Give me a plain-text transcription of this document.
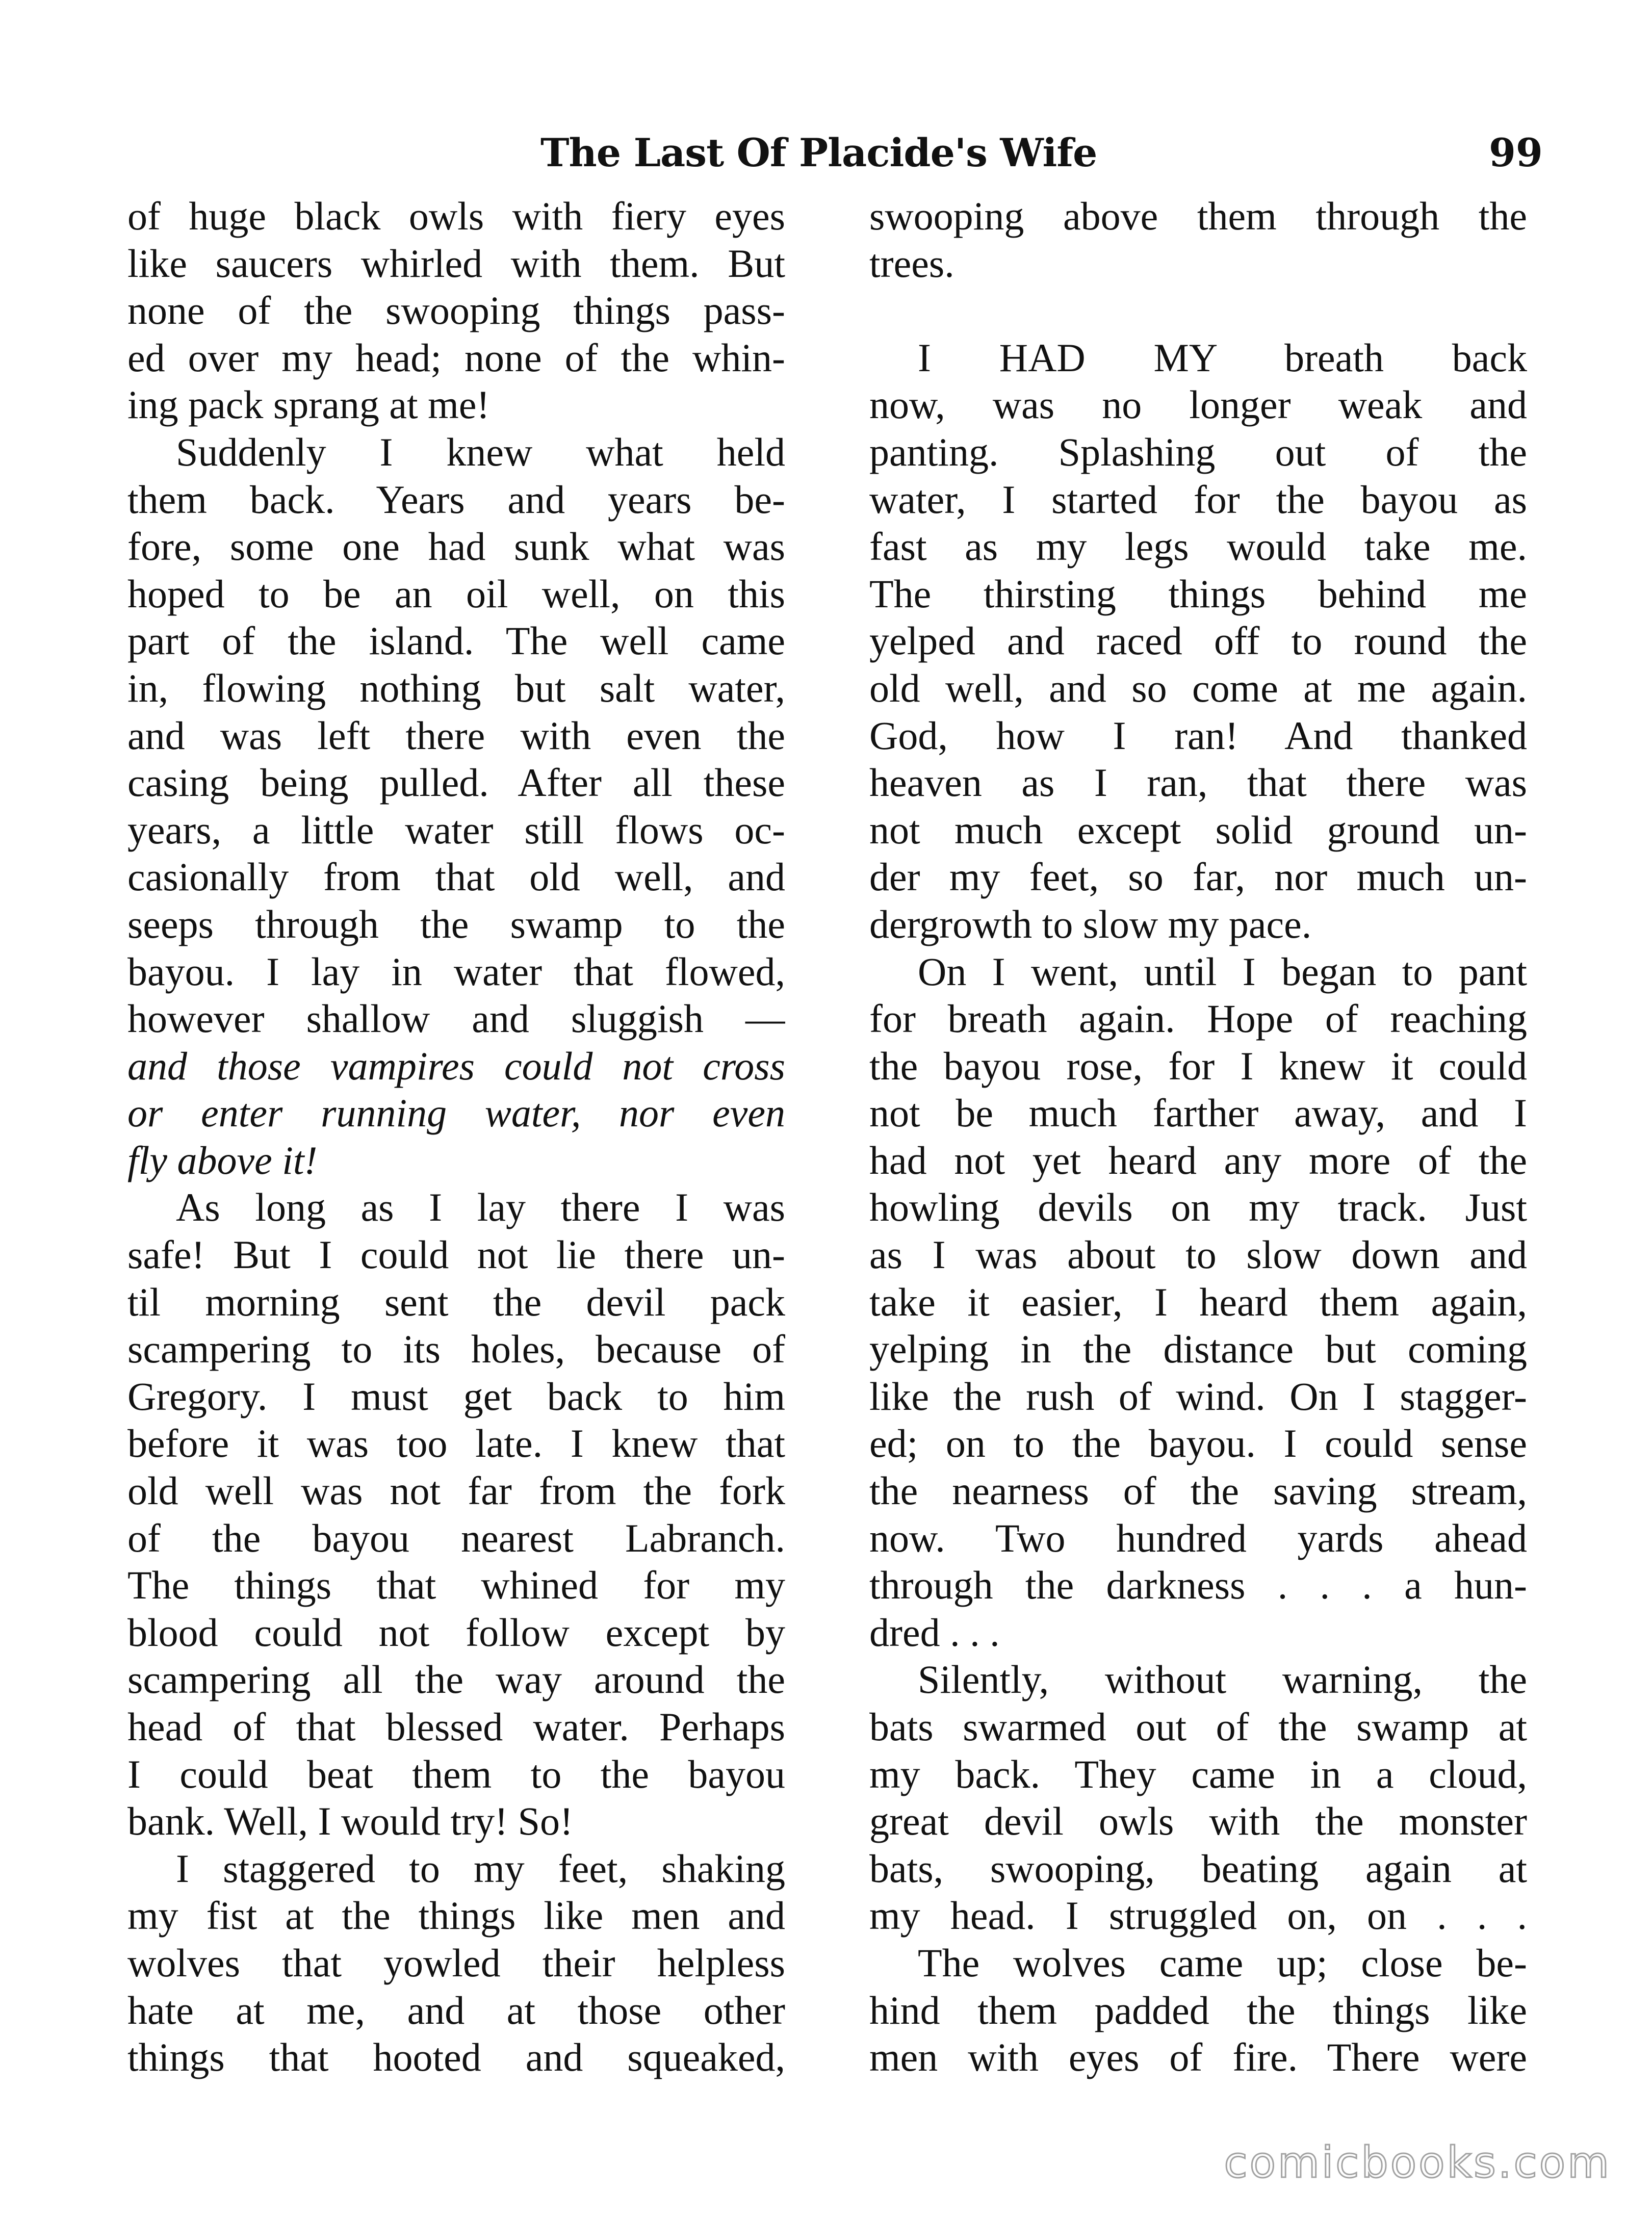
The Last Of Placide's Wife	99
of huge black owls with fiery eyes
like saucers whirled with them. But
none of the swooping things pass-
ed over my head; none of the whin-
ing pack sprang at me!
Suddenly I knew what held
them back. Years and years be-
fore, some one had sunk what was
hoped to be an oil well, on this
part of the island. The well came
in, flowing nothing but salt water,
and was left there with even the
casing being pulled. After all these
years, a little water still flows oc-
casionally from that old well, and
seeps through the swamp to the
bayou. I lay in water that flowed,
however shallow and sluggish —
and those vampires could not cross
or enter running water, nor even
fly above it!
As long as I lay there I was
safe! But I could not lie there un-
til morning sent the devil pack
scampering to its holes, because of
Gregory. I must get back to him
before it was too late. I knew that
old well was not far from the fork
of the bayou nearest Labranch.
The things that whined for my
blood could not follow except by
scampering all the way around the
head of that blessed water. Perhaps
I could beat them to the bayou
bank. Well, I would try! So!
I staggered to my feet, shaking
my fist at the things like men and
wolves that yowled their helpless
hate at me, and at those other
things that hooted and squeaked,
swooping above them through the
trees.
I HAD MY breath back
now, was no longer weak and
panting. Splashing out of the
water, I started for the bayou as
fast as my legs would take me.
The thirsting things behind me
yelped and raced off to round the
old well, and so come at me again.
God, how I ran! And thanked
heaven as I ran, that there was
not much except solid ground un-
der my feet, so far, nor much un-
dergrowth to slow my pace.
On I went, until I began to pant
for breath again. Hope of reaching
the bayou rose, for I knew it could
not be much farther away, and I
had not yet heard any more of the
howling devils on my track. Just
as I was about to slow down and
take it easier, I heard them again,
yelping in the distance but coming
like the rush of wind. On I stagger-
ed; on to the bayou. I could sense
the nearness of the saving stream,
now. Two hundred yards ahead
through the darkness . . . a hun-
dred . . .
Silently, without warning, the
bats swarmed out of the swamp at
my back. They came in a cloud,
great devil owls with the monster
bats, swooping, beating again at
my head. I struggled on, on . . .
The wolves came up; close be-
hind them padded the things like
men with eyes of fire. There were
comicbooks.com
